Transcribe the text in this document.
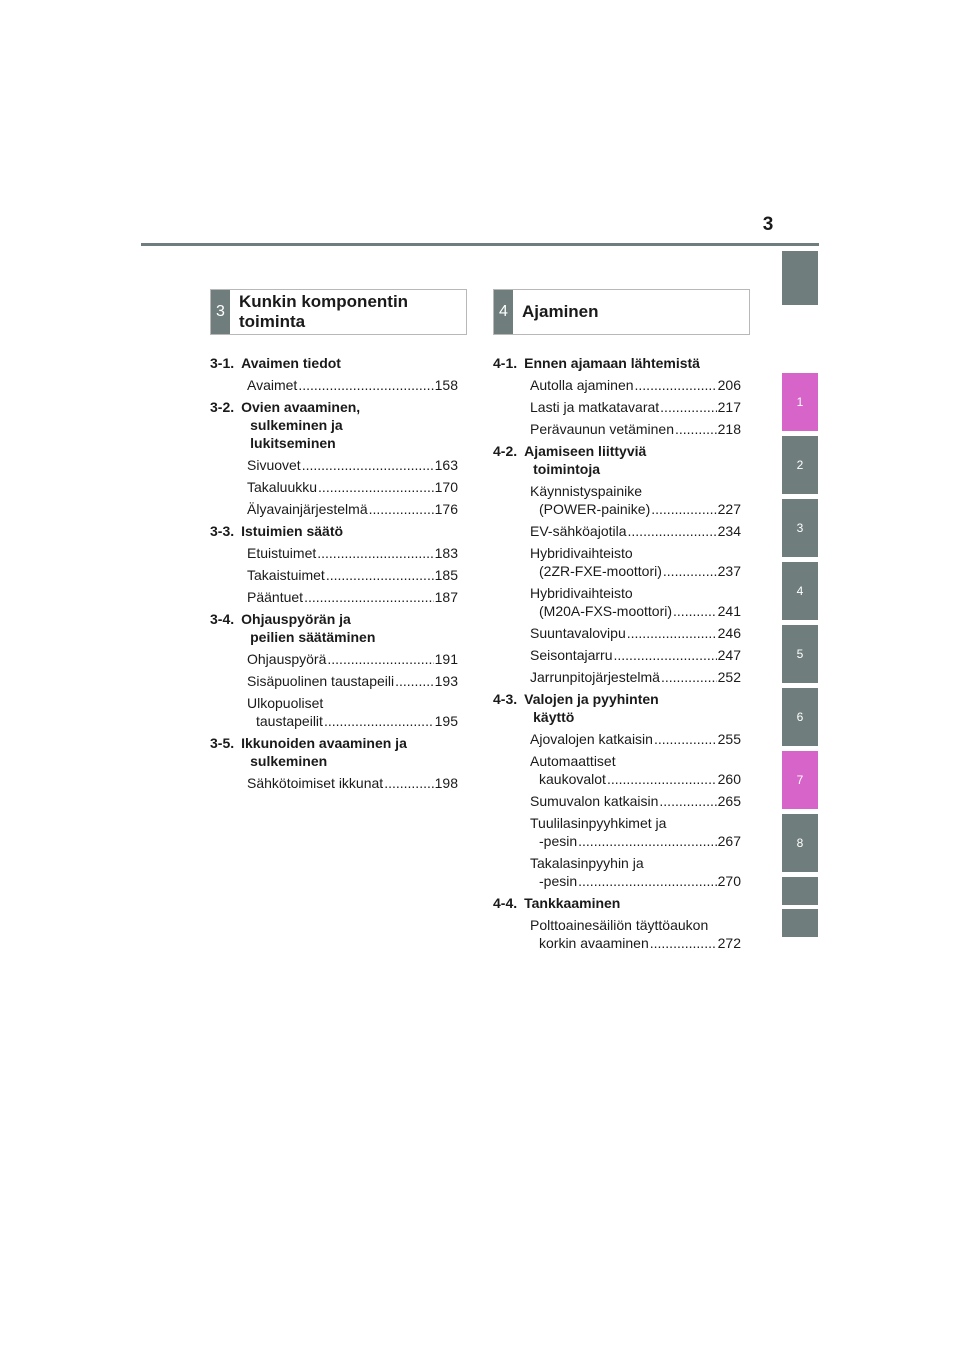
3
1
2
3
4
5
6
7
8
3
Kunkin komponentin
toiminta
4 Ajaminen
3-1. Avaimen tiedot
Avaimet .....	158
3-2. Ovien avaaminen,
sulkeminen ja
lukitseminen
Sivuovet .....	163
Takaluukku .....	170
Älyavainjärjestelmä .....	176
3-3. Istuimien säätö
Etuistuimet .....	183
Takaistuimet .....	185
Pääntuet .....	187
3-4. Ohjauspyörän ja
peilien säätäminen
Ohjauspyörä .....	191
Sisäpuolinen taustapeili .....	193
Ulkopuoliset
taustapeilit .....	195
3-5. Ikkunoiden avaaminen ja
sulkeminen
Sähkötoimiset ikkunat .....	198
4-1. Ennen ajamaan lähtemistä
Autolla ajaminen .....	206
Lasti ja matkatavarat .....	217
Perävaunun vetäminen .....	218
4-2. Ajamiseen liittyviä
toimintoja
Käynnistyspainike
(POWER-painike) .....	227
EV-sähköajotila .....	234
Hybridivaihteisto
(2ZR-FXE-moottori) .....	237
Hybridivaihteisto
(M20A-FXS-moottori) .....	241
Suuntavalovipu .....	246
Seisontajarru .....	247
Jarrunpitojärjestelmä .....	252
4-3. Valojen ja pyyhinten
käyttö
Ajovalojen katkaisin .....	255
Automaattiset
kaukovalot .....	260
Sumuvalon katkaisin .....	265
Tuulilasinpyyhkimet ja
-pesin .....	267
Takalasinpyyhin ja
-pesin .....	270
4-4. Tankkaaminen
Polttoainesäiliön täyttöaukon
korkin avaaminen .....	272
